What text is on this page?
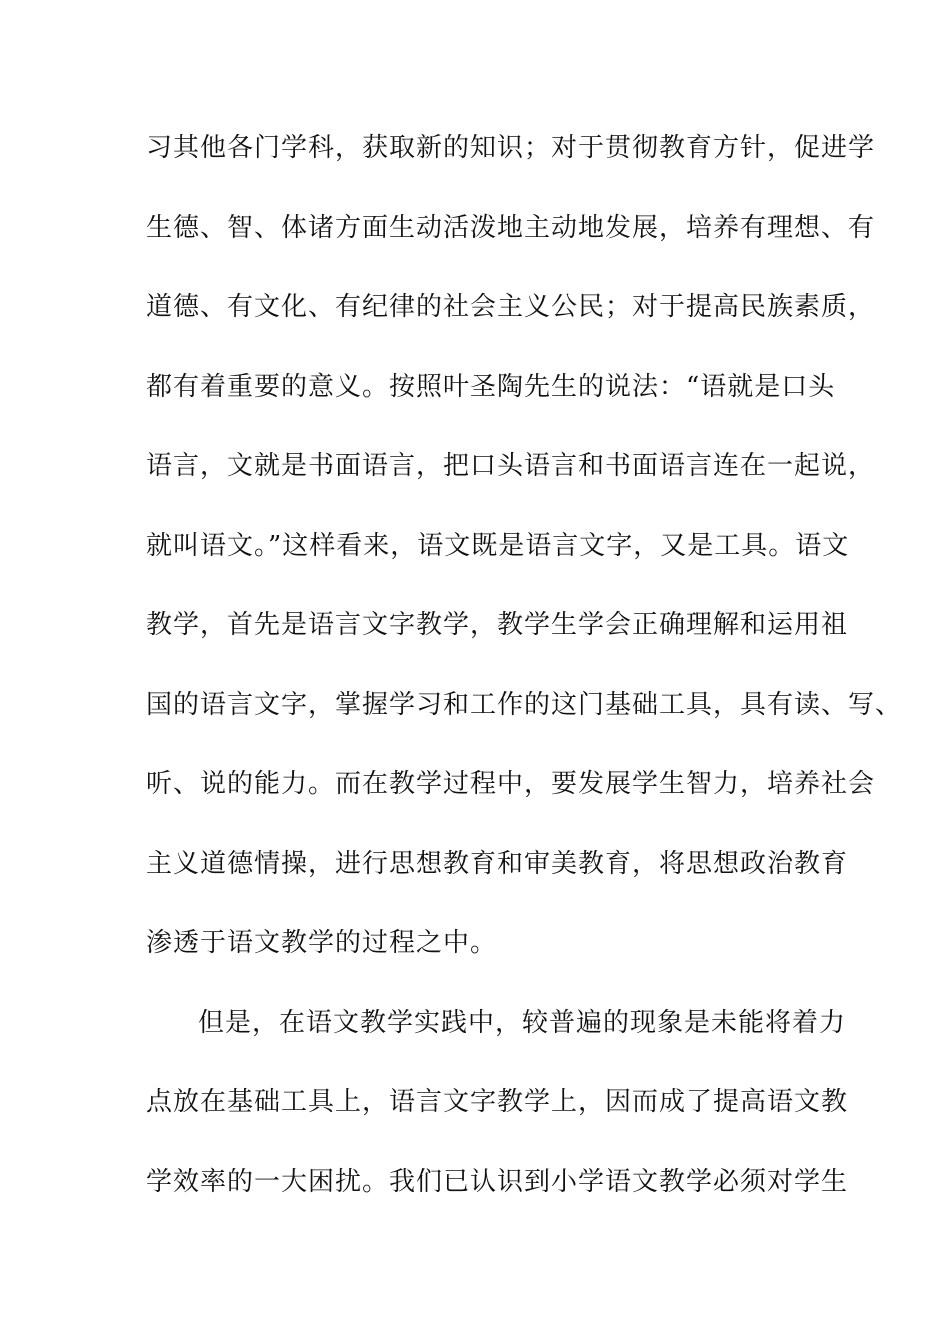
习其他各门学科，获取新的知识；对于贯彻教育方针，促进学
生德、智、体诸方面生动活泼地主动地发展，培养有理想、有
道德、有文化、有纪律的社会主义公民；对于提高民族素质，
都有着重要的意义。按照叶圣陶先生的说法：“语就是口头
语言，文就是书面语言，把口头语言和书面语言连在一起说，
就叫语文。”这样看来，语文既是语言文字，又是工具。语文
教学，首先是语言文字教学，教学生学会正确理解和运用祖
国的语言文字，掌握学习和工作的这门基础工具，具有读、写、
听、说的能力。而在教学过程中，要发展学生智力，培养社会
主义道德情操，进行思想教育和审美教育，将思想政治教育
渗透于语文教学的过程之中。
但是，在语文教学实践中，较普遍的现象是未能将着力
点放在基础工具上，语言文字教学上，因而成了提高语文教
学效率的一大困扰。我们已认识到小学语文教学必须对学生
